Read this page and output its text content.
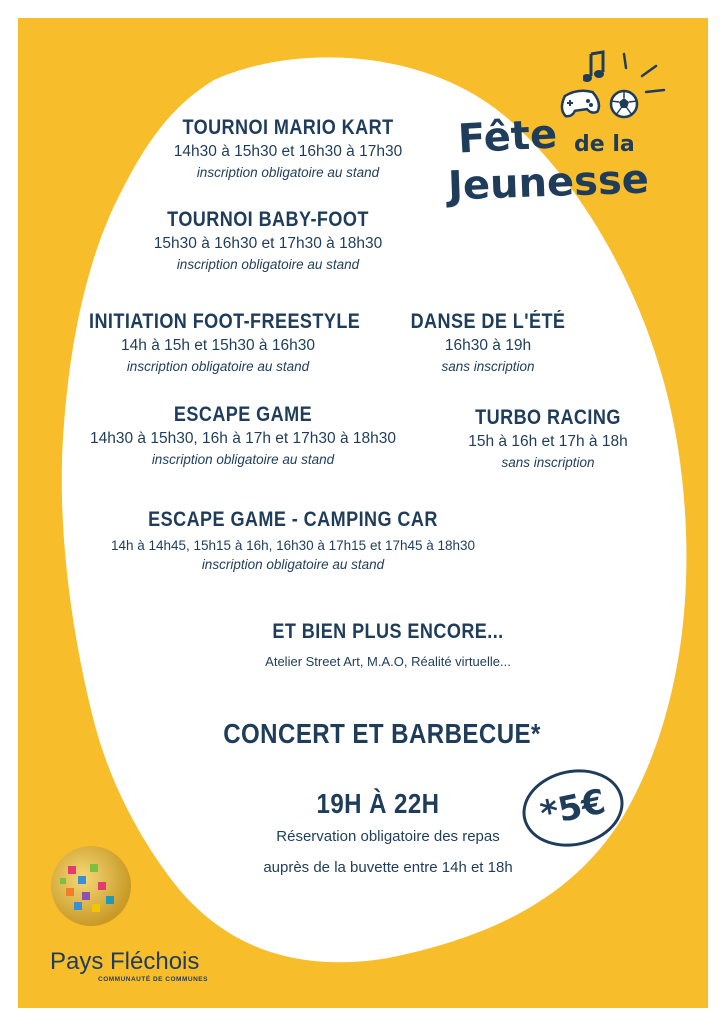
Fête de la
Jeunesse
TOURNOI MARIO KART
14h30 à 15h30 et 16h30 à 17h30
inscription obligatoire au stand
TOURNOI BABY-FOOT
15h30 à 16h30 et 17h30 à 18h30
inscription obligatoire au stand
INITIATION FOOT-FREESTYLE
14h à 15h et 15h30 à 16h30
inscription obligatoire au stand
DANSE DE L'ÉTÉ
16h30 à 19h
sans inscription
ESCAPE GAME
14h30 à 15h30, 16h à 17h et 17h30 à 18h30
inscription obligatoire au stand
TURBO RACING
15h à 16h et 17h à 18h
sans inscription
ESCAPE GAME - CAMPING CAR
14h à 14h45, 15h15 à 16h, 16h30 à 17h15 et 17h45 à 18h30
inscription obligatoire au stand
ET BIEN PLUS ENCORE...
Atelier Street Art, M.A.O, Réalité virtuelle...
CONCERT ET BARBECUE*
19H À 22H
Réservation obligatoire des repas
auprès de la buvette entre 14h et 18h
*5€
Pays Fléchois
COMMUNAUTÉ DE COMMUNES
